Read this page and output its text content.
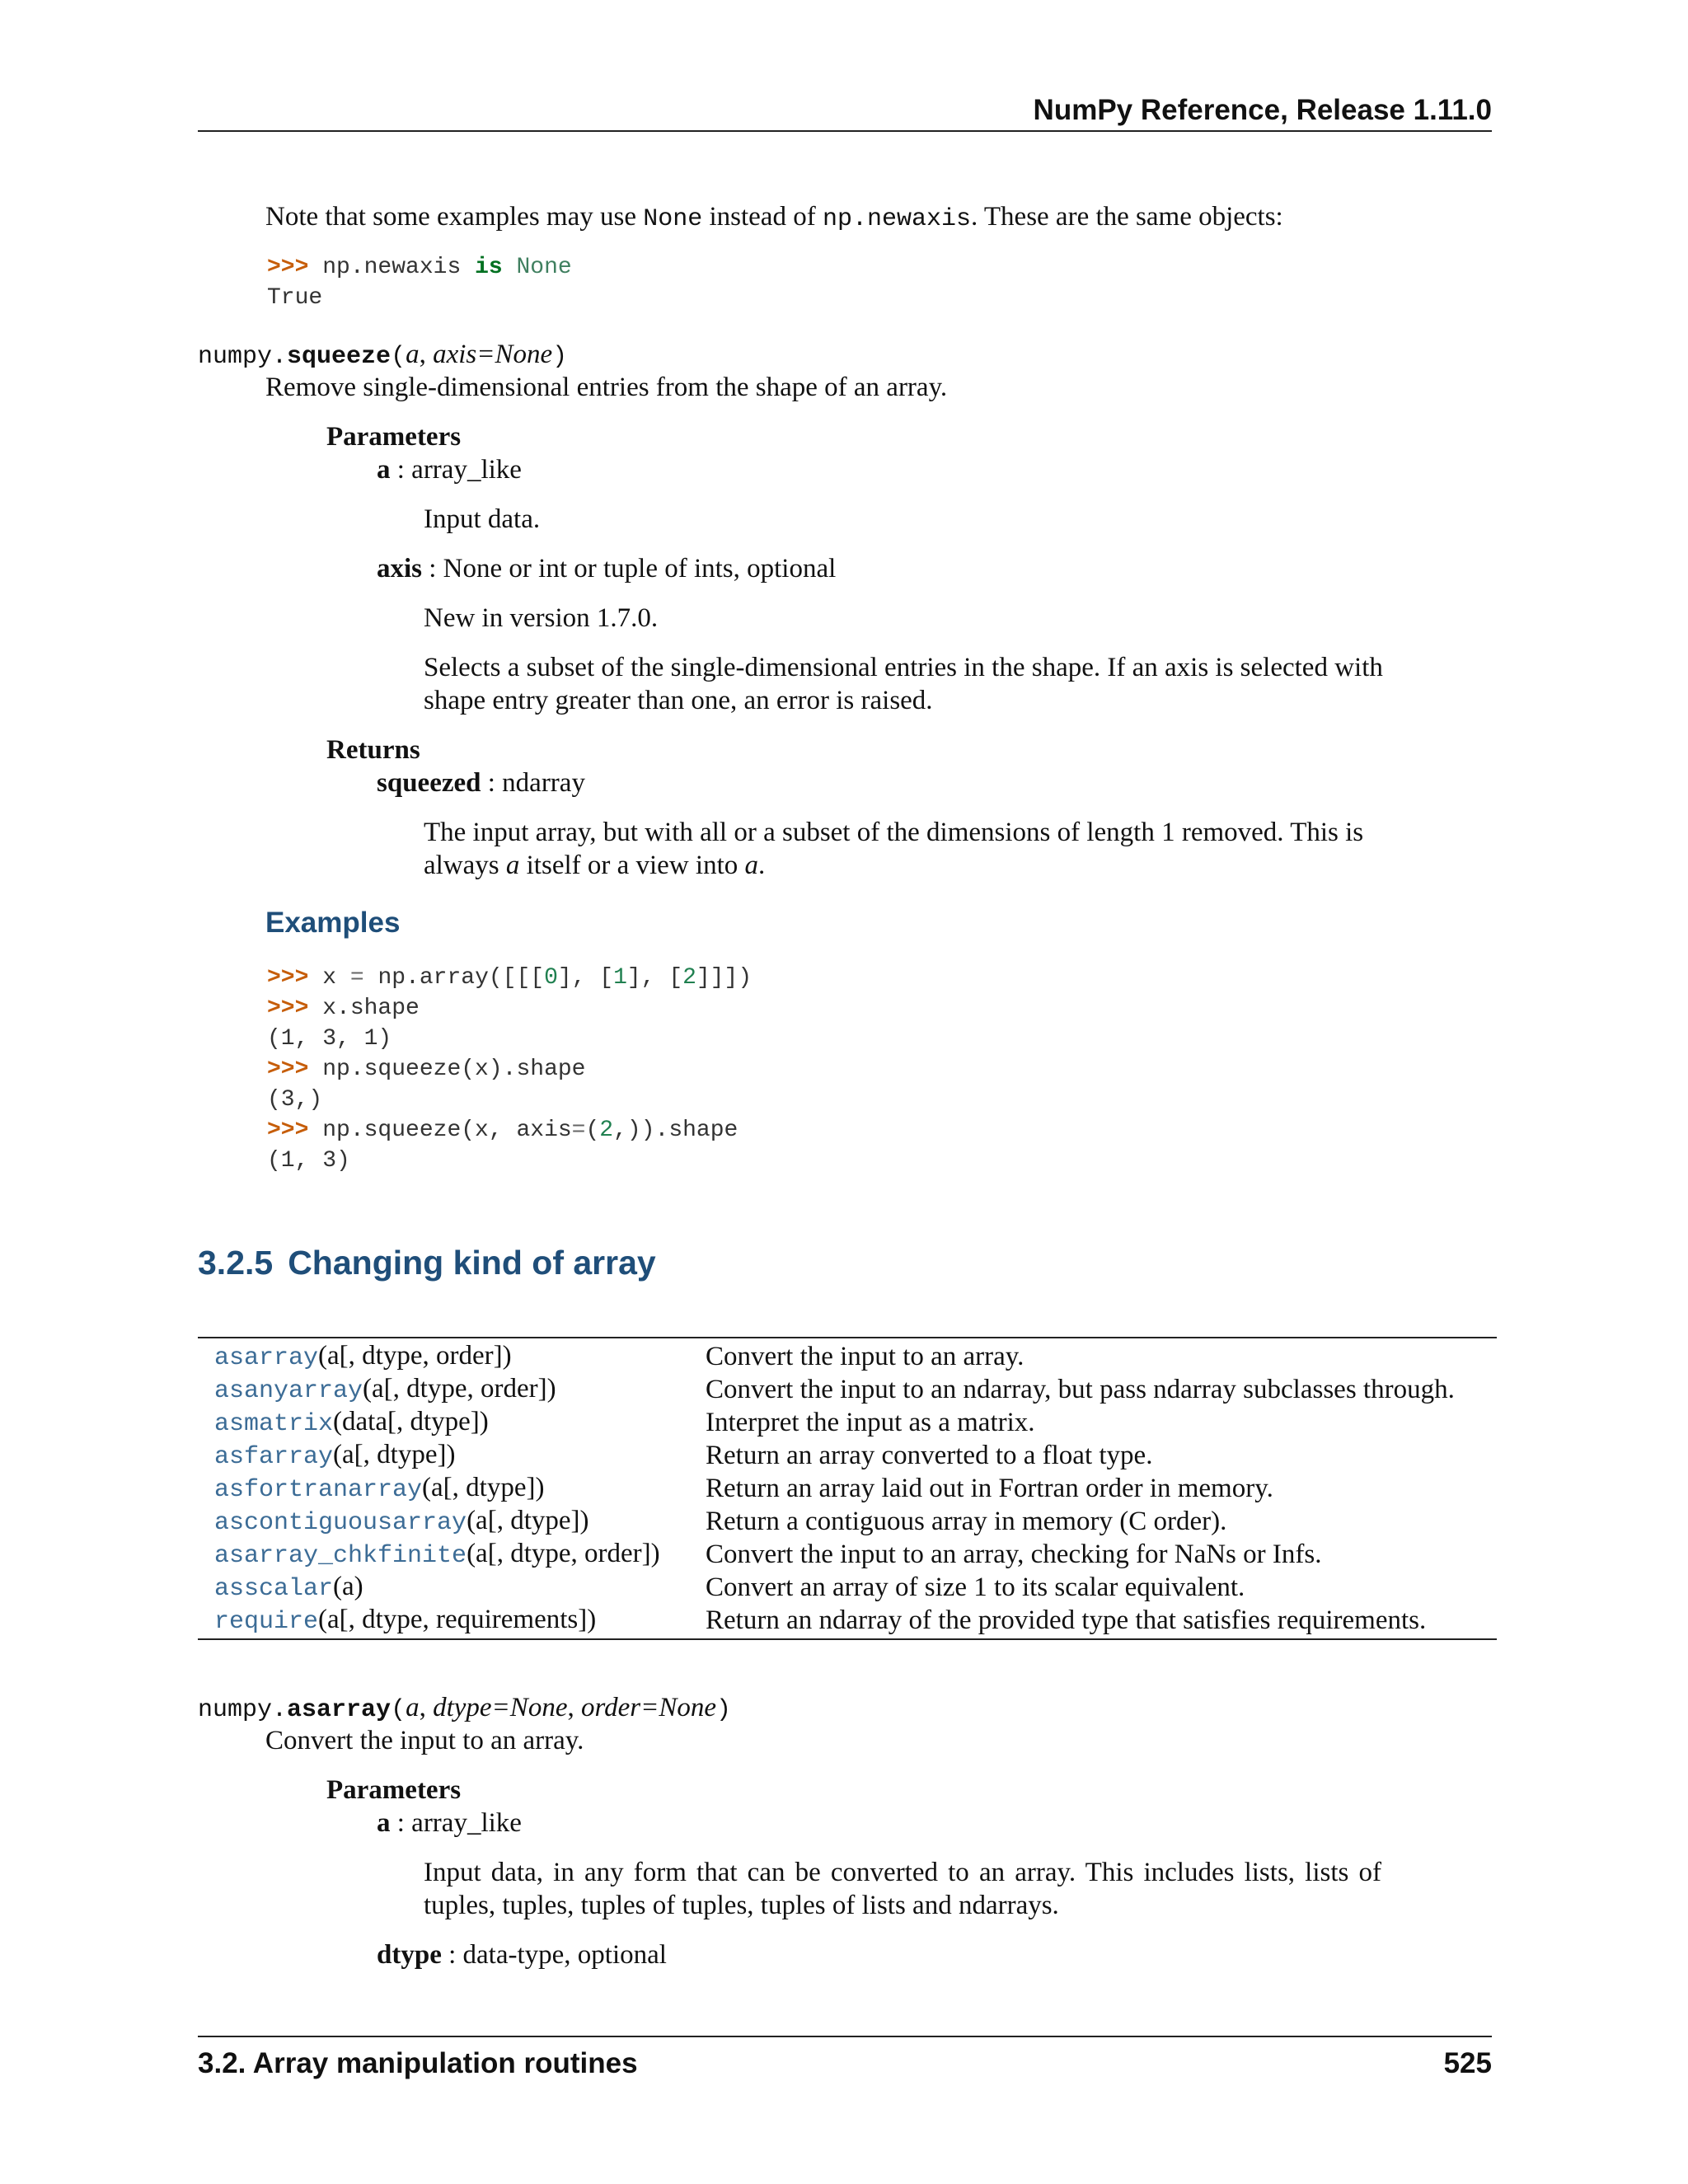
NumPy Reference, Release 1.11.0
Note that some examples may use None instead of np.newaxis. These are the same objects:
>>> np.newaxis is None
True
numpy.squeeze(a, axis=None)
Remove single-dimensional entries from the shape of an array.
Parameters
a : array_like
Input data.
axis : None or int or tuple of ints, optional
New in version 1.7.0.
Selects a subset of the single-dimensional entries in the shape. If an axis is selected with
shape entry greater than one, an error is raised.
Returns
squeezed : ndarray
The input array, but with all or a subset of the dimensions of length 1 removed. This is
always a itself or a view into a.
Examples
>>> x = np.array([[[0], [1], [2]]])
>>> x.shape
(1, 3, 1)
>>> np.squeeze(x).shape
(3,)
>>> np.squeeze(x, axis=(2,)).shape
(1, 3)
3.2.5 Changing kind of array
asarray(a[, dtype, order])	Convert the input to an array.
asanyarray(a[, dtype, order])	Convert the input to an ndarray, but pass ndarray subclasses through.
asmatrix(data[, dtype])	Interpret the input as a matrix.
asfarray(a[, dtype])	Return an array converted to a float type.
asfortranarray(a[, dtype])	Return an array laid out in Fortran order in memory.
ascontiguousarray(a[, dtype])	Return a contiguous array in memory (C order).
asarray_chkfinite(a[, dtype, order])	Convert the input to an array, checking for NaNs or Infs.
asscalar(a)	Convert an array of size 1 to its scalar equivalent.
require(a[, dtype, requirements])	Return an ndarray of the provided type that satisfies requirements.
numpy.asarray(a, dtype=None, order=None)
Convert the input to an array.
Parameters
a : array_like
Input data, in any form that can be converted to an array. This includes lists, lists of
tuples, tuples, tuples of tuples, tuples of lists and ndarrays.
dtype : data-type, optional
3.2. Array manipulation routines	525
